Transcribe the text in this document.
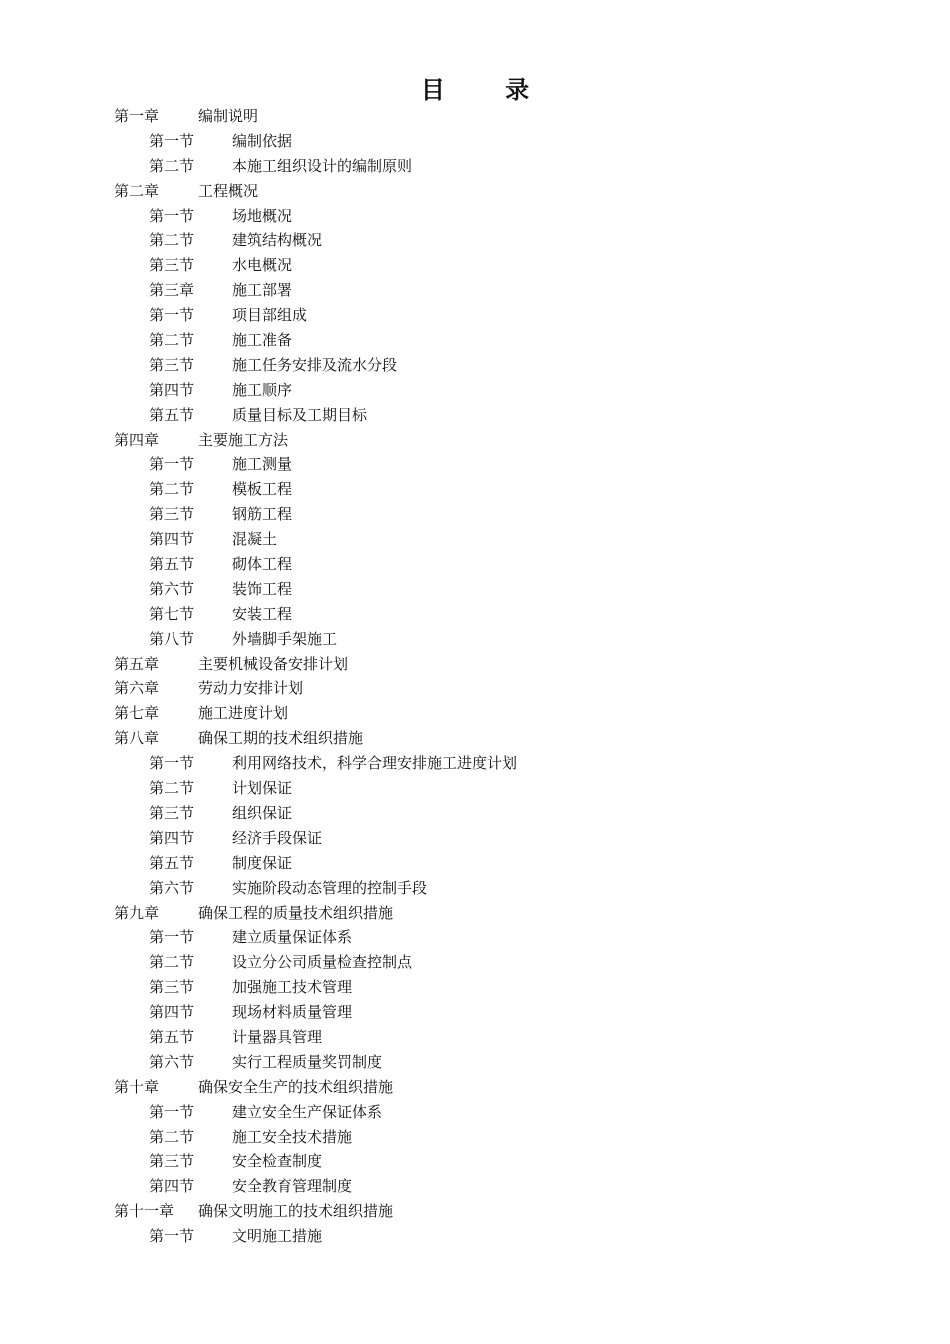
目 录
第一章	编制说明
第一节	编制依据
第二节	本施工组织设计的编制原则
第二章	工程概况
第一节	场地概况
第二节	建筑结构概况
第三节	水电概况
第三章	施工部署
第一节	项目部组成
第二节	施工准备
第三节	施工任务安排及流水分段
第四节	施工顺序
第五节	质量目标及工期目标
第四章	主要施工方法
第一节	施工测量
第二节	模板工程
第三节	钢筋工程
第四节	混凝土
第五节	砌体工程
第六节	装饰工程
第七节	安装工程
第八节	外墙脚手架施工
第五章	主要机械设备安排计划
第六章	劳动力安排计划
第七章	施工进度计划
第八章	确保工期的技术组织措施
第一节	利用网络技术，科学合理安排施工进度计划
第二节	计划保证
第三节	组织保证
第四节	经济手段保证
第五节	制度保证
第六节	实施阶段动态管理的控制手段
第九章	确保工程的质量技术组织措施
第一节	建立质量保证体系
第二节	设立分公司质量检查控制点
第三节	加强施工技术管理
第四节	现场材料质量管理
第五节	计量器具管理
第六节	实行工程质量奖罚制度
第十章	确保安全生产的技术组织措施
第一节	建立安全生产保证体系
第二节	施工安全技术措施
第三节	安全检查制度
第四节	安全教育管理制度
第十一章 确保文明施工的技术组织措施
第一节	文明施工措施
